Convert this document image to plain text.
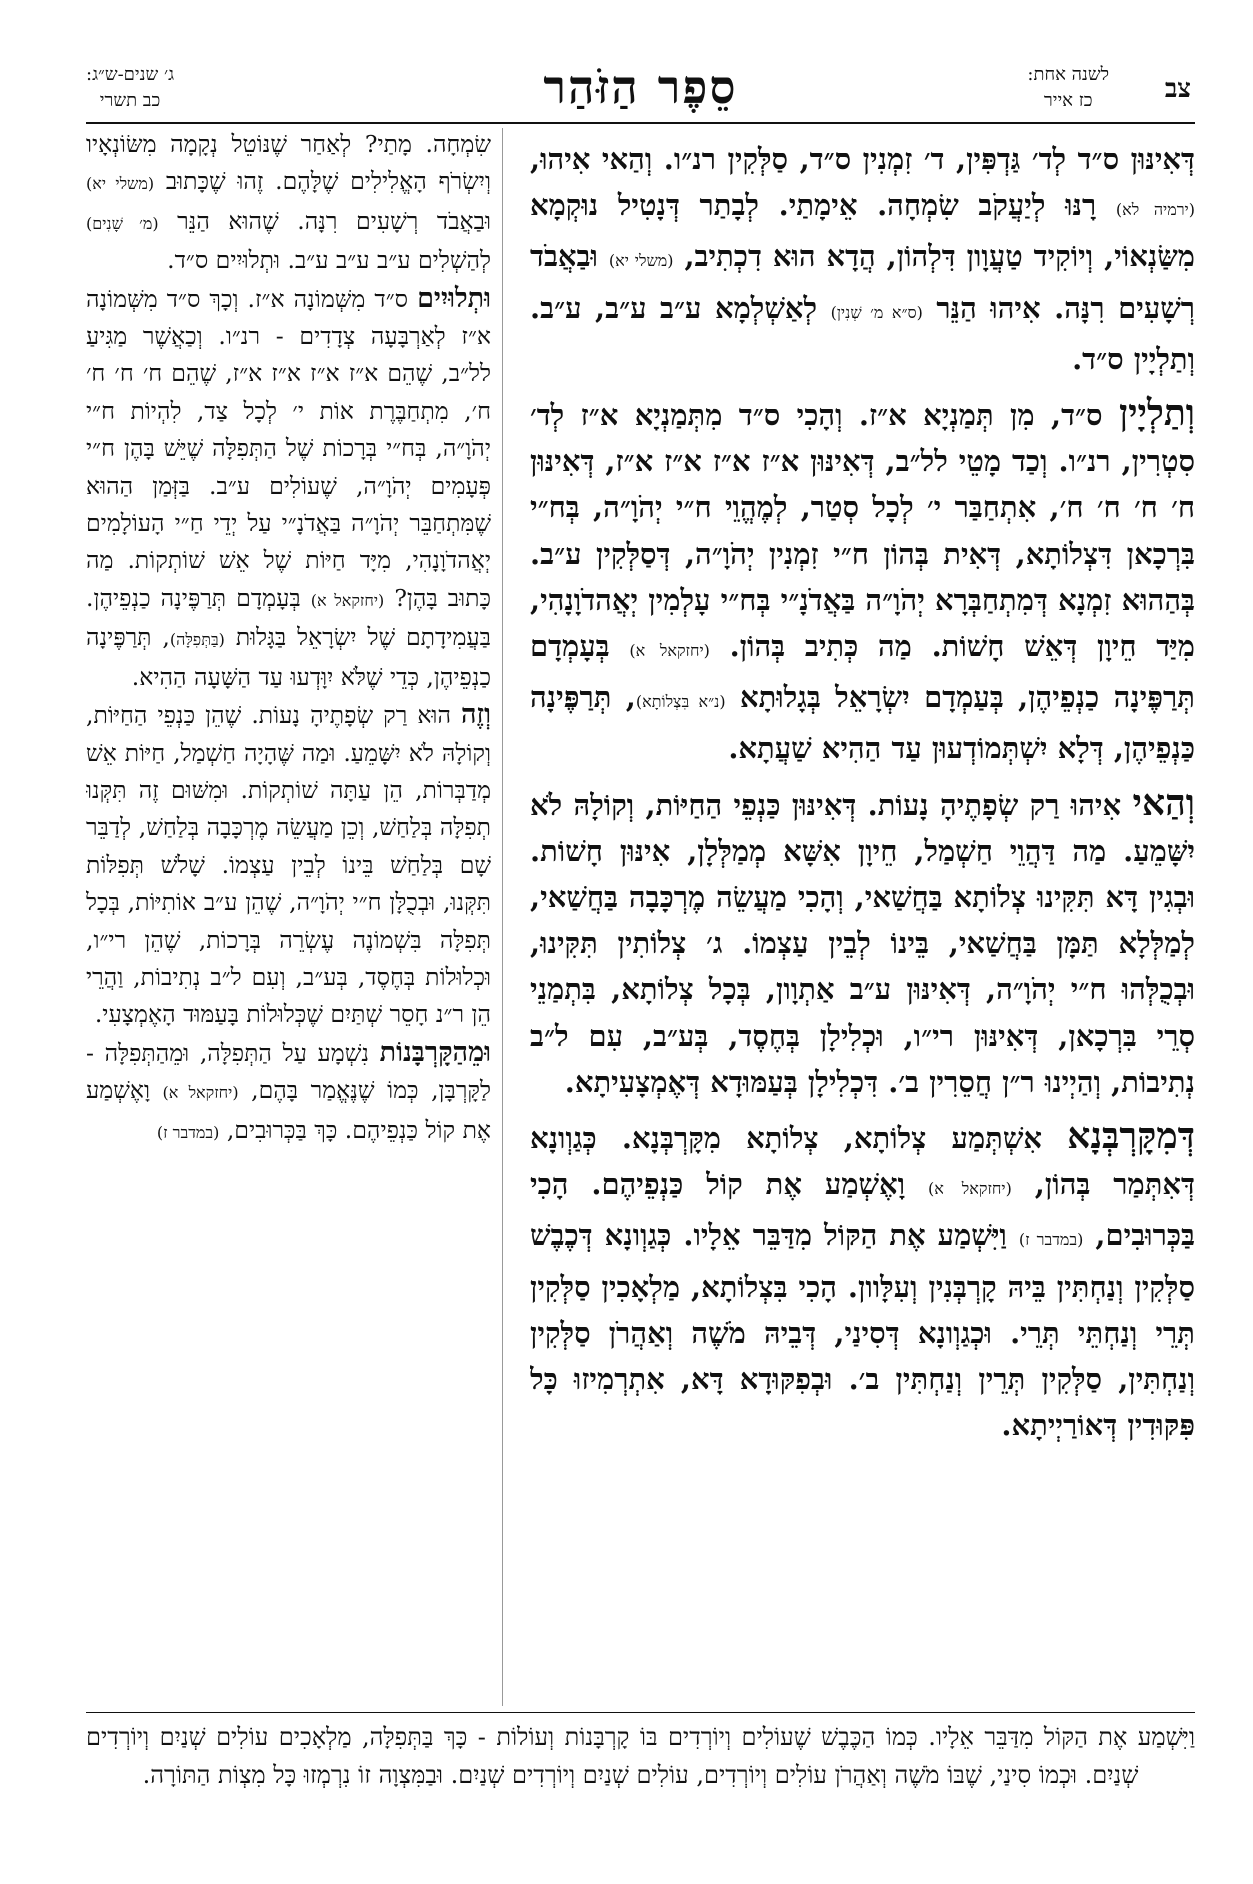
צב
לשנה אחת:
כז אייר
סֵפֶר הַזֹּהַר
ג׳ שנים-ש״ג:
כב תשרי

דְּאִינּוּן ס״ד לְד׳ גַּדְפִּין, ד׳ זִמְנִין ס״ד, סַלְּקִין רנ״ו. וְהַאי אִיהוּ, (ירמיה לא) רָנּוּ לְיַעֲקֹב שִׂמְחָה. אֵימָתַי. לְבָתַר דְּנָטִיל נוּקְמָא מִשַּׂנְאוֹי, וְיוֹקִיד טַעֲוָון דִּלְהוֹן, הֲדָא הוּא דִכְתִיב, (משלי יא) וּבַאֲבֹד רְשָׁעִים רִנָּה. אִיהוּ הַנֵּר (ס״א מ׳ שְׁנִין) לְאַשְׁלְמָא ע״ב ע״ב, ע״ב. וְתַלְיָין ס״ד.

וְתַלְיָין ס״ד, מִן תְּמַנְיָא א״ז. וְהָכִי ס״ד מִתְּמַנְיָא א״ז לְד׳ סִטְרִין, רנ״ו. וְכַד מָטֵי לל״ב, דְּאִינּוּן א״ז א״ז א״ז א״ז, דְּאִינּוּן ח׳ ח׳ ח׳ ח׳, אִתְחַבַּר י׳ לְכָל סְטַר, לְמֶהֱוֵי ח״י יְהֹוָ״ה, בְּח״י בִּרְכָאן דִּצְלוֹתָא, דְּאִית בְּהוֹן ח״י זִמְנִין יְהֹוָ״ה, דְּסַלְּקִין ע״ב. בְּהַהוּא זִמְנָא דְּמִתְחַבְּרָא יְהֹוָ״ה בַּאֲדֹנָ״י בְּח״י עָלְמִין יְאֲהדֹוָנָהִי, מִיַּד חֵיוָן דְּאֵשׁ חָשׁוֹת. מַה כְּתִיב בְּהוֹן. (יחזקאל א) בְּעָמְדָם תְּרַפֶּינָה כַנְפֵיהֶן, בְּעַמְדָם יִשְׂרָאֵל בְּגָלוּתָא (נ״א בִּצְלוֹתָא), תְּרַפֶּינָה כַּנְפֵיהֶן, דְּלָא יִשְׁתְּמוֹדְעוּן עַד הַהִיא שַׁעֲתָא.

וְהַאי אִיהוּ רַק שְׂפָתֶיהָ נָעוֹת. דְּאִינּוּן כַּנְפֵי הַחַיּוֹת, וְקוֹלָהּ לֹא יִשָּׁמֵעַ. מַה דַּהֲוֵי חַשְׁמַל, חֵיוָן אִשָּׁא מְמַלְּלָן, אִינּוּן חָשׁוֹת. וּבְגִין דָּא תִּקִּינוּ צְלוֹתָא בַּחֲשַׁאי, וְהָכִי מַעֲשֵׂה מֶרְכָּבָה בַּחֲשַׁאי, לְמַלְּלָא תַּמָּן בַּחֲשַׁאי, בֵּינוֹ לְבֵין עַצְמוֹ. ג׳ צְלוֹתִין תִּקִּינוּ, וּבְכֻלְּהוּ ח״י יְהֹוָ״ה, דְּאִינּוּן ע״ב אַתְוָון, בְּכָל צְלוֹתָא, בִּתְמַנֵי סְרֵי בִּרְכָאן, דְּאִינּוּן רי״ו, וּכְלִילָן בְּחֶסֶד, בְּע״ב, עִם ל״ב נְתִיבוֹת, וְהַיְינוּ ר״ן חֲסֵרִין ב׳. דִּכְלִילָן בְּעַמּוּדָא דְּאֶמְצָעִיתָא.

דְּמִקָּרְבְּנָא אִשְׁתְּמַע צְלוֹתָא, צְלוֹתָא מִקָּרְבְּנָא. כְּגַוְונָא דְּאִתְּמַר בְּהוֹן, (יחזקאל א) וָאֶשְׁמַע אֶת קוֹל כַּנְפֵיהֶם. הָכִי בַּכְּרוּבִים, (במדבר ז) וַיִּשְׁמַע אֶת הַקּוֹל מִדַּבֵּר אֵלָיו. כְּגַוְונָא דְּכֶבֶשׁ סַלְּקִין וְנַחְתִּין בֵּיהּ קָרְבְּנִין וְעִלָּוון. הָכִי בִּצְלוֹתָא, מַלְאָכִין סַלְּקִין תְּרֵי וְנַחְתֵּי תְּרֵי. וּכְגַוְונָא דְּסִינַי, דְּבֵיהּ מֹשֶׁה וְאַהֲרֹן סַלְּקִין וְנַחְתִּין, סַלְּקִין תְּרֵין וְנַחְתִּין ב׳. וּבְפִקּוּדָא דָּא, אִתְרְמִיזוּ כָּל פִּקּוּדִין דְּאוֹרַיְיתָא.

שִׂמְחָה. מָתַי? לְאַחַר שֶׁנּוֹטֵל נְקָמָה מִשּׂוֹנְאָיו וְיִשְׂרֹף הָאֱלִילִים שֶׁלָּהֶם. זֶהוּ שֶׁכָּתוּב (משלי יא) וּבַאֲבֹד רְשָׁעִים רִנָּה. שֶׁהוּא הַנֵּר (מ׳ שָׁנִים) לְהַשְׁלִים ע״ב ע״ב ע״ב. וּתְלוּיִים ס״ד.

וּתְלוּיִים ס״ד מִשְּׁמוֹנָה א״ז. וְכָךְ ס״ד מִשְּׁמוֹנָה א״ז לְאַרְבָּעָה צְדָדִים - רנ״ו. וְכַאֲשֶׁר מַגִּיעַ לל״ב, שֶׁהֵם א״ז א״ז א״ז א״ז, שֶׁהֵם ח׳ ח׳ ח׳ ח׳, מִתְחַבֶּרֶת אוֹת י׳ לְכָל צַד, לִהְיוֹת ח״י יְהֹוָ״ה, בְּח״י בְּרָכוֹת שֶׁל הַתְּפִלָּה שֶׁיֵּשׁ בָּהֶן ח״י פְּעָמִים יְהֹוָ״ה, שֶׁעוֹלִים ע״ב. בַּזְּמַן הַהוּא שֶׁמִּתְחַבֵּר יְהֹוָ״ה בַּאֲדֹנָ״י עַל יְדֵי חַ״י הָעוֹלָמִים יְאֲהדֹוָנָהִי, מִיָּד חַיּוֹת שֶׁל אֵשׁ שׁוֹתְקוֹת. מַה כָּתוּב בָּהֶן? (יחזקאל א) בְּעָמְדָם תְּרַפֶּינָה כַנְפֵיהֶן. בַּעֲמִידָתָם שֶׁל יִשְׂרָאֵל בַּגָּלוּת (בַּתְּפִלָּה), תְּרַפֶּינָה כַנְפֵיהֶן, כְּדֵי שֶׁלֹּא יִוָּדְעוּ עַד הַשָּׁעָה הַהִיא.

וְזֶה הוּא רַק שְׂפָתֶיהָ נָעוֹת. שֶׁהֵן כַּנְפֵי הַחַיּוֹת, וְקוֹלָהּ לֹא יִשָּׁמֵעַ. וּמַה שֶּׁהָיָה חַשְׁמַל, חַיּוֹת אֵשׁ מְדַבְּרוֹת, הֵן עַתָּה שׁוֹתְקוֹת. וּמִשּׁוּם זֶה תִּקְּנוּ תְפִלָּה בְּלַחַשׁ, וְכֵן מַעֲשֵׂה מֶרְכָּבָה בְּלַחַשׁ, לְדַבֵּר שָׁם בְּלַחַשׁ בֵּינוֹ לְבֵין עַצְמוֹ. שָׁלֹשׁ תְּפִלּוֹת תִּקְּנוּ, וּבְכֻלָּן ח״י יְהֹוָ״ה, שֶׁהֵן ע״ב אוֹתִיּוֹת, בְּכָל תְּפִלָּה בִּשְׁמוֹנֶה עֶשְׂרֵה בְּרָכוֹת, שֶׁהֵן רי״ו, וּכְלוּלוֹת בְּחֶסֶד, בְּע״ב, וְעִם ל״ב נְתִיבוֹת, וַהֲרֵי הֵן ר״נ חָסֵר שְׁתַּיִם שֶׁכְּלוּלוֹת בָּעַמּוּד הָאֶמְצָעִי.

וּמֵהַקָּרְבָּנוֹת נִשְׁמָע עַל הַתְּפִלָּה, וּמֵהַתְּפִלָּה - לַקָּרְבָּן, כְּמוֹ שֶׁנֶּאֱמַר בָּהֶם, (יחזקאל א) וָאֶשְׁמַע אֶת קוֹל כַּנְפֵיהֶם. כָּךְ בַּכְּרוּבִים, (במדבר ז)

וַיִּשְׁמַע אֶת הַקּוֹל מִדַּבֵּר אֵלָיו. כְּמוֹ הַכֶּבֶשׁ שֶׁעוֹלִים וְיוֹרְדִים בּוֹ קָרְבָּנוֹת וְעוֹלוֹת - כָּךְ בַּתְּפִלָּה, מַלְאָכִים עוֹלִים שְׁנַיִם וְיוֹרְדִים שְׁנַיִם. וּכְמוֹ סִינַי, שֶׁבּוֹ מֹשֶׁה וְאַהֲרֹן עוֹלִים וְיוֹרְדִים, עוֹלִים שְׁנַיִם וְיוֹרְדִים שְׁנַיִם. וּבַמִּצְוָה זוֹ נִרְמְזוּ כָּל מִצְוֹת הַתּוֹרָה.
